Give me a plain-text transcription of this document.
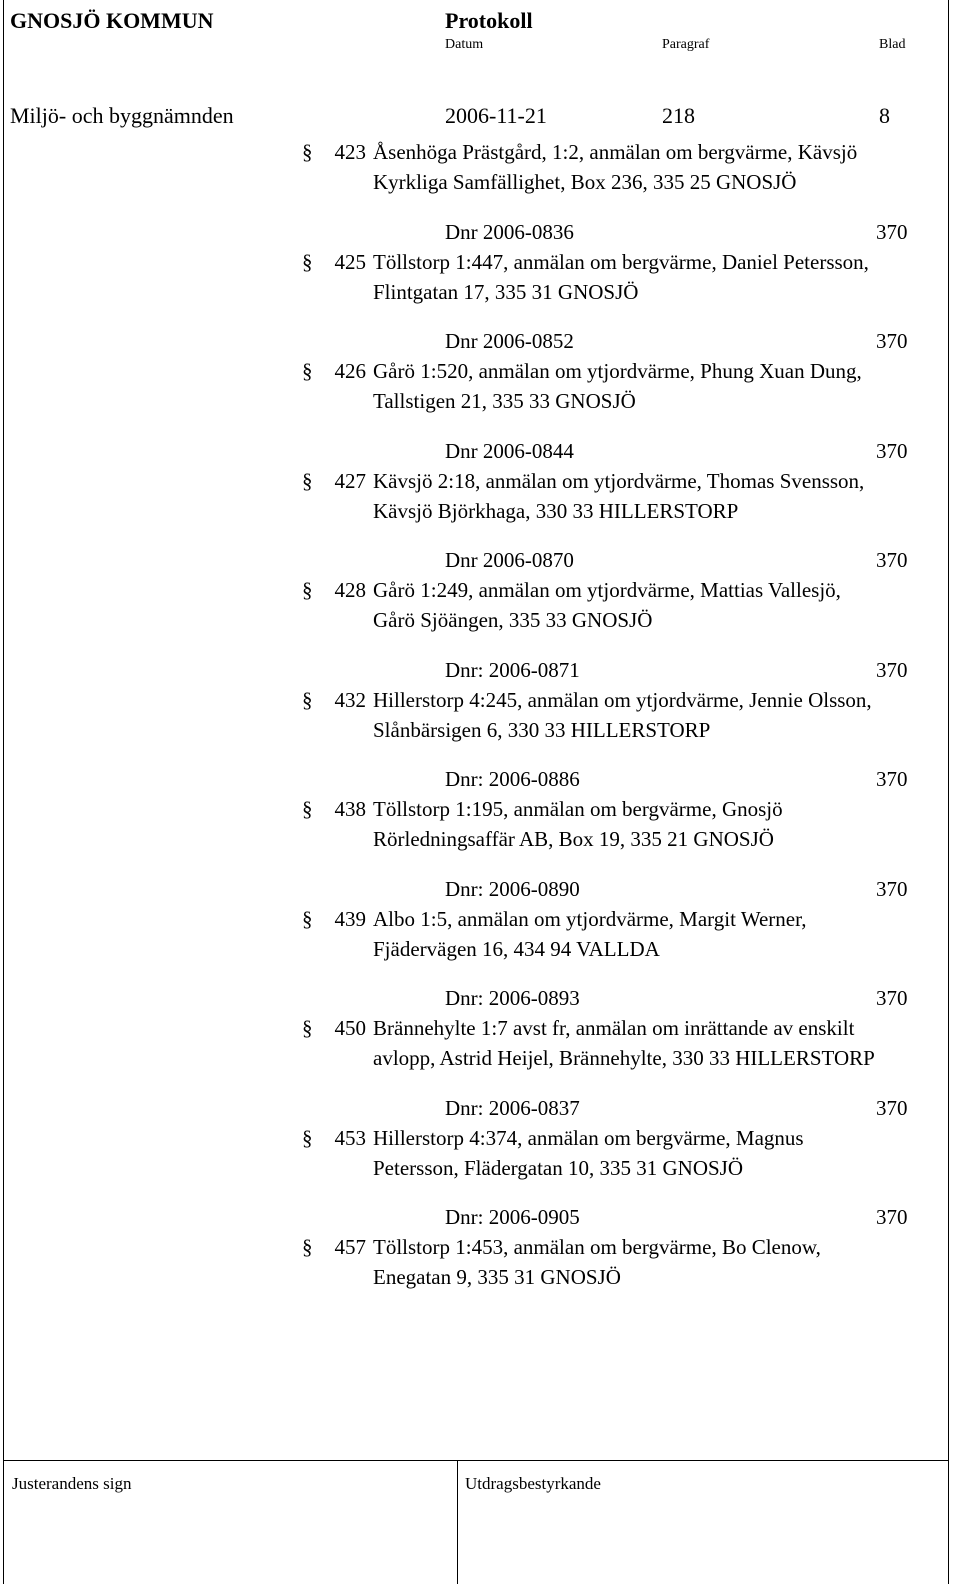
GNOSJÖ KOMMUN	Protokoll
Datum	Paragraf	Blad
Miljö- och byggnämnden	2006-11-21	218	8
§ 423 Åsenhöga Prästgård, 1:2, anmälan om bergvärme, Kävsjö
Kyrkliga Samfällighet, Box 236, 335 25 GNOSJÖ
Dnr 2006-0836	370
§ 425 Töllstorp 1:447, anmälan om bergvärme, Daniel Petersson,
Flintgatan 17, 335 31 GNOSJÖ
Dnr 2006-0852	370
§ 426 Gårö 1:520, anmälan om ytjordvärme, Phung Xuan Dung,
Tallstigen 21, 335 33 GNOSJÖ
Dnr 2006-0844	370
§ 427 Kävsjö 2:18, anmälan om ytjordvärme, Thomas Svensson,
Kävsjö Björkhaga, 330 33 HILLERSTORP
Dnr 2006-0870	370
§ 428 Gårö 1:249, anmälan om ytjordvärme, Mattias Vallesjö,
Gårö Sjöängen, 335 33 GNOSJÖ
Dnr: 2006-0871	370
§ 432 Hillerstorp 4:245, anmälan om ytjordvärme, Jennie Olsson,
Slånbärsigen 6, 330 33 HILLERSTORP
Dnr: 2006-0886	370
§ 438 Töllstorp 1:195, anmälan om bergvärme, Gnosjö
Rörledningsaffär AB, Box 19, 335 21 GNOSJÖ
Dnr: 2006-0890	370
§ 439 Albo 1:5, anmälan om ytjordvärme, Margit Werner,
Fjädervägen 16, 434 94 VALLDA
Dnr: 2006-0893	370
§ 450 Brännehylte 1:7 avst fr, anmälan om inrättande av enskilt
avlopp, Astrid Heijel, Brännehylte, 330 33 HILLERSTORP
Dnr: 2006-0837	370
§ 453 Hillerstorp 4:374, anmälan om bergvärme, Magnus
Petersson, Flädergatan 10, 335 31 GNOSJÖ
Dnr: 2006-0905	370
§ 457 Töllstorp 1:453, anmälan om bergvärme, Bo Clenow,
Enegatan 9, 335 31 GNOSJÖ
Justerandens sign	Utdragsbestyrkande
